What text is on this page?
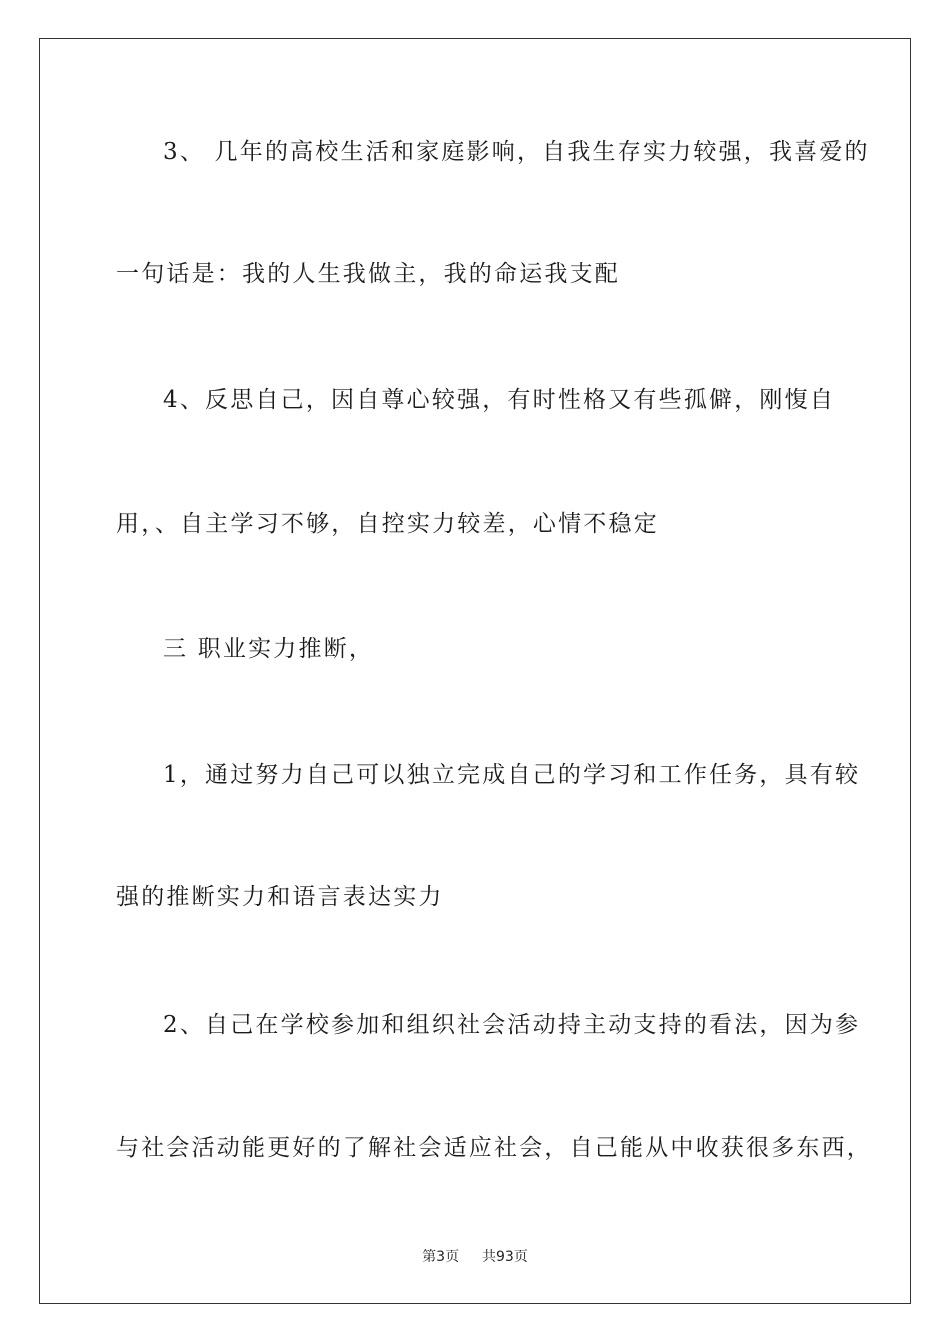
3、 几年的高校生活和家庭影响，自我生存实力较强，我喜爱的
一句话是：我的人生我做主，我的命运我支配
4、反思自己，因自尊心较强，有时性格又有些孤僻，刚愎自
用，、自主学习不够，自控实力较差，心情不稳定
三 职业实力推断，
1，通过努力自己可以独立完成自己的学习和工作任务，具有较
强的推断实力和语言表达实力
2、自己在学校参加和组织社会活动持主动支持的看法，因为参
与社会活动能更好的了解社会适应社会，自己能从中收获很多东西，
第3页 共93页
